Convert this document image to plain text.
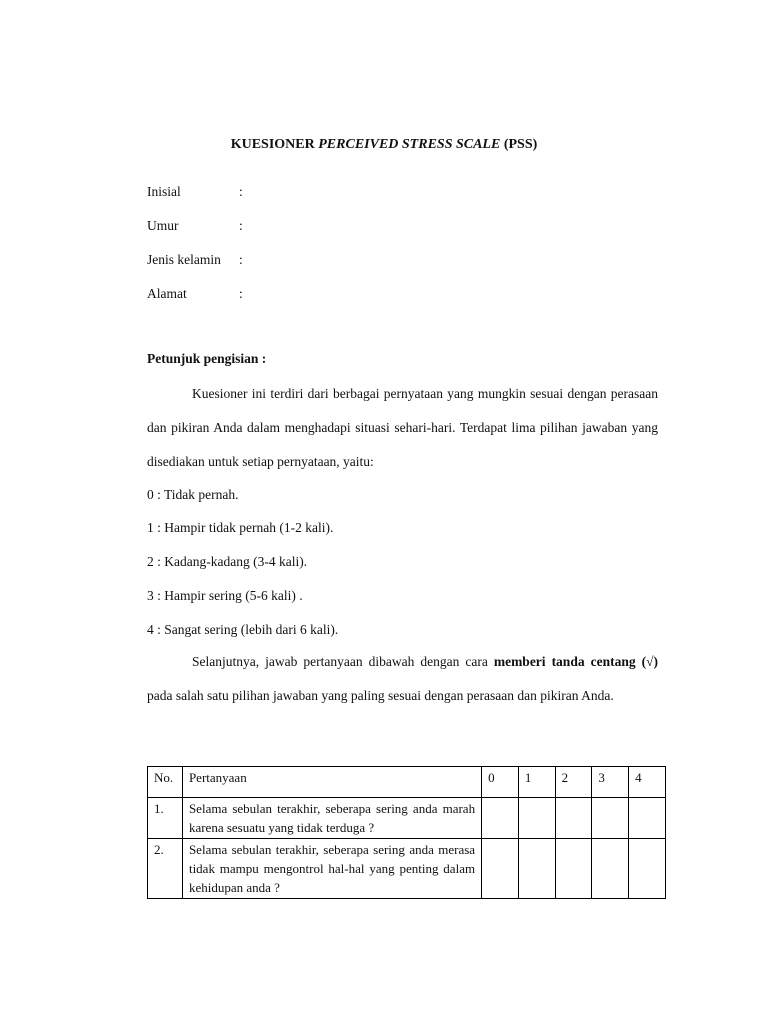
KUESIONER PERCEIVED STRESS SCALE (PSS)
Inisial	:
Umur	:
Jenis kelamin :
Alamat	:
Petunjuk pengisian :

Kuesioner ini terdiri dari berbagai pernyataan yang mungkin sesuai dengan perasaan dan pikiran Anda dalam menghadapi situasi sehari-hari. Terdapat lima pilihan jawaban yang disediakan untuk setiap pernyataan, yaitu:

0 : Tidak pernah.
1 : Hampir tidak pernah (1-2 kali).
2 : Kadang-kadang (3-4 kali).
3 : Hampir sering (5-6 kali) .
4 : Sangat sering (lebih dari 6 kali).

Selanjutnya, jawab pertanyaan dibawah dengan cara memberi tanda centang (√) pada salah satu pilihan jawaban yang paling sesuai dengan perasaan dan pikiran Anda.

No.	Pertanyaan	0	1	2	3	4
1.	Selama sebulan terakhir, seberapa sering anda marah karena sesuatu yang tidak terduga ?					
2.	Selama sebulan terakhir, seberapa sering anda merasa tidak mampu mengontrol hal-hal yang penting dalam kehidupan anda ?					
